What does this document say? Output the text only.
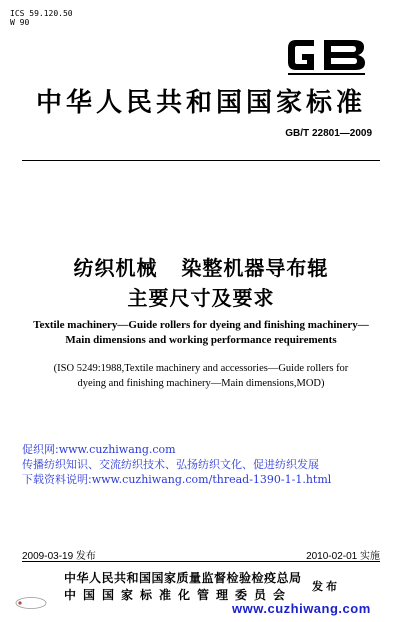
ICS 59.120.50
W 90
中华人民共和国国家标准
GB/T 22801—2009
纺织机械   染整机器导布辊
主要尺寸及要求
Textile machinery—Guide rollers for dyeing and finishing machinery—
Main dimensions and working performance requirements
(ISO 5249:1988,Textile machinery and accessories—Guide rollers for
dyeing and finishing machinery—Main dimensions,MOD)
促织网:www.cuzhiwang.com
传播纺织知识、交流纺织技术、弘扬纺织文化、促进纺织发展
下载资料说明:www.cuzhiwang.com/thread-1390-1-1.html
2009-03-19 发布	2010-02-01 实施
中华人民共和国国家质量监督检验检疫总局
中国国家标准化管理委员会
发布
www.cuzhiwang.com
